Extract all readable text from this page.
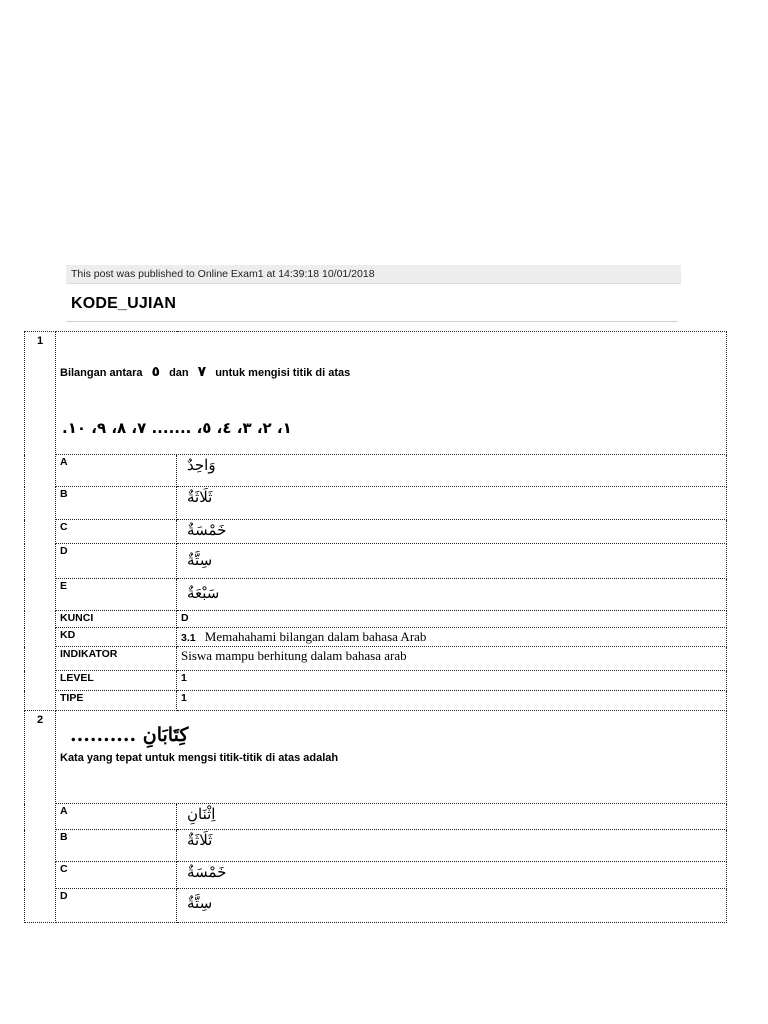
This post was published to Online Exam1 at 14:39:18 10/01/2018
KODE_UJIAN
1	Bilangan antara ٥ dan ٧ untuk mengisi titik di atas
١، ٢، ٣، ٤، ٥، ....... ٧، ٨، ٩، ١٠.	

	A	وَاحِدٌ
	B	ثَلَاثَةٌ
	C	خَمْسَةٌ
	D	سِتَّةٌ
	E	سَبْعَةٌ
	KUNCI	D
	KD	3.1 Memahahami bilangan dalam bahasa Arab
	INDIKATOR	Siswa mampu berhitung dalam bahasa arab
	LEVEL	1
	TIPE	1
2	كِتَابَانِ ..........
Kata yang tepat untuk mengsi titik-titik di atas adalah	

	A	اِثْنَانِ
	B	ثَلَاثَةٌ
	C	خَمْسَةٌ
	D	سِتَّةٌ
